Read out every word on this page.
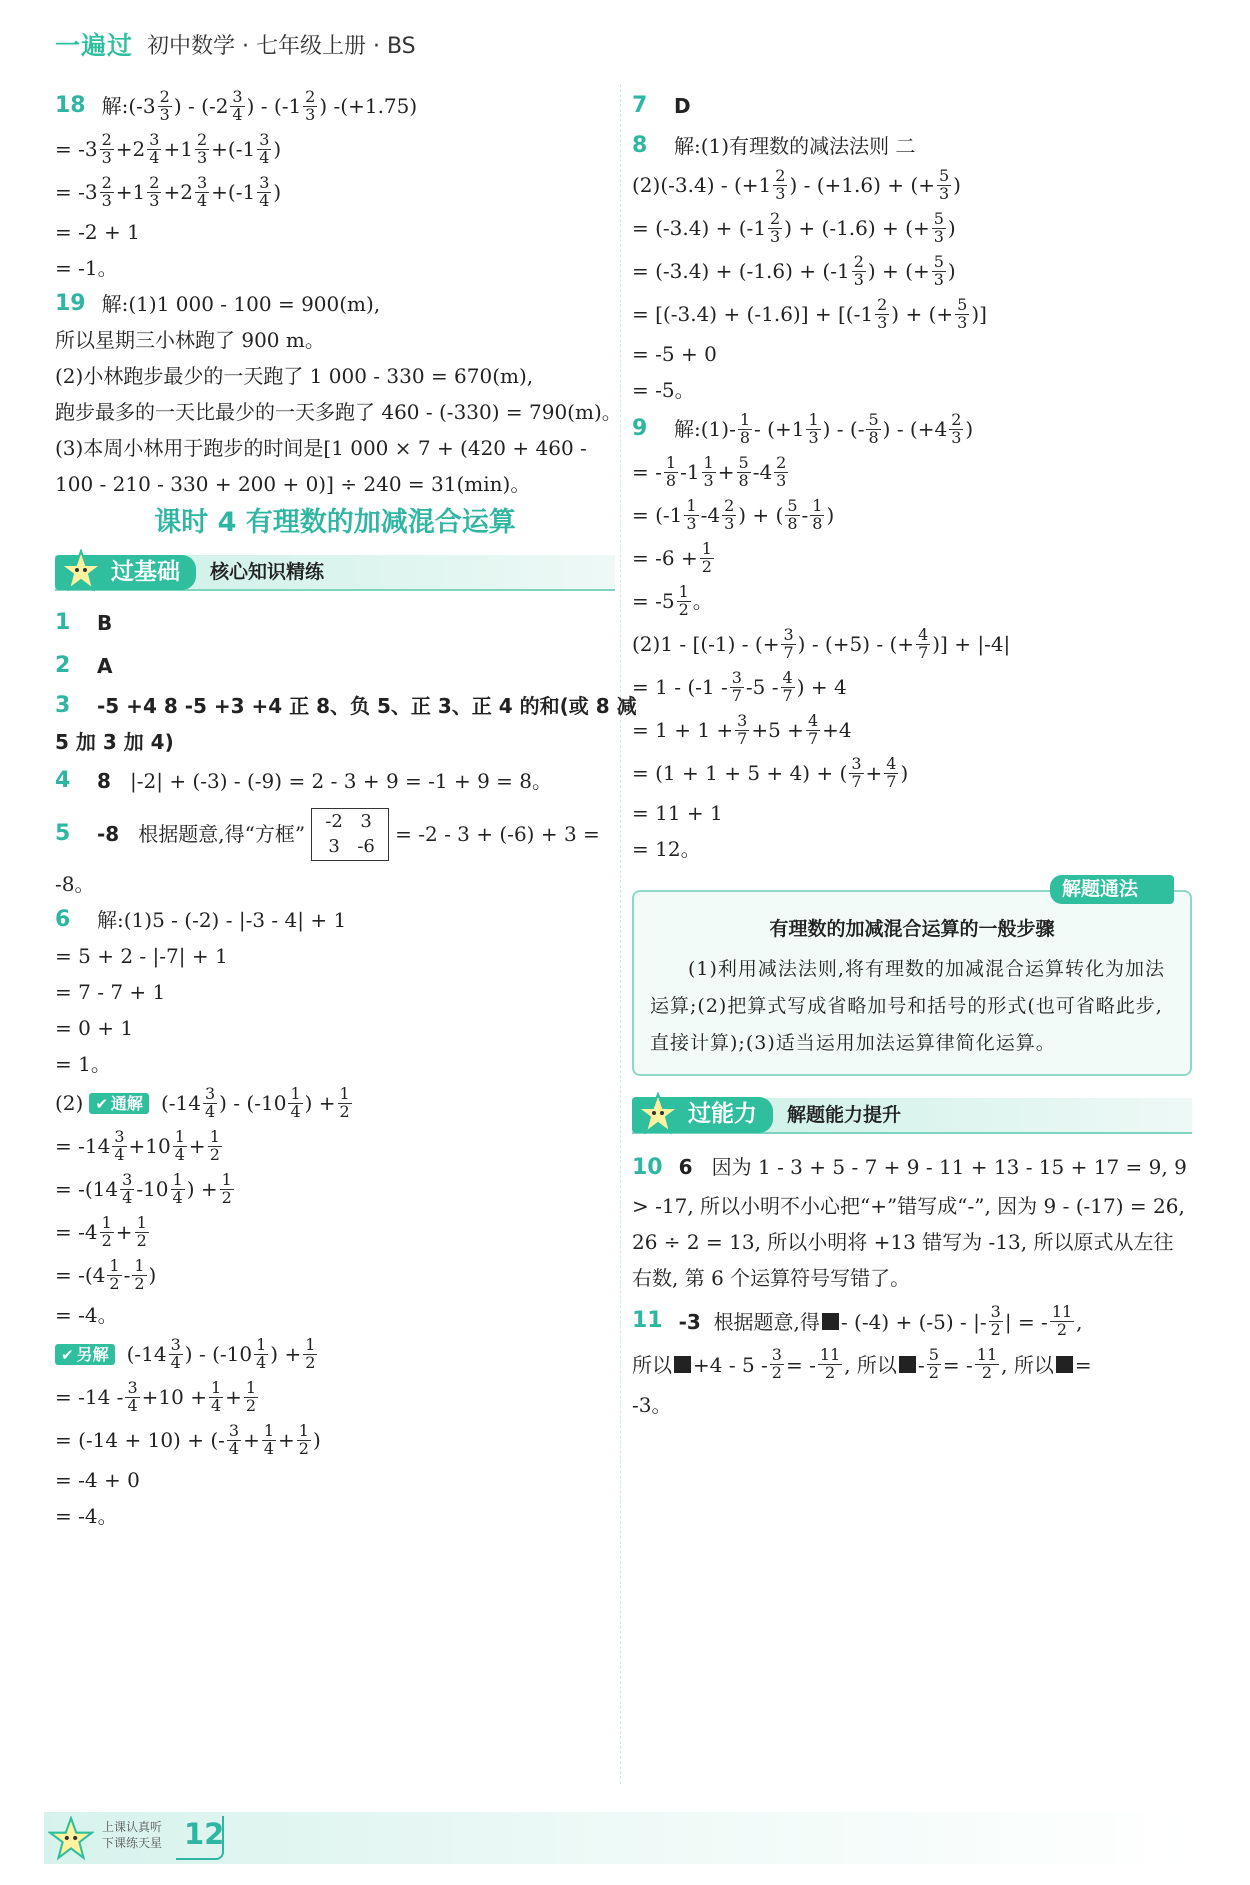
一遍过 初中数学 · 七年级上册 · BS
18 解: ($-3 \frac{2}{3}$ ) - ($-2 \frac{3}{4}$ ) - ($-1 \frac{2}{3}$ ) -(+1.75)
= $-3 \frac{2}{3} +2 \frac{3}{4} +1 \frac{2}{3} +(-1 \frac{3}{4}$ )
= $-3 \frac{2}{3} +1 \frac{2}{3} +2 \frac{3}{4} +(-1 \frac{3}{4}$ )
= -2 + 1
= -1。
19 解:(1)1 000 - 100 = 900(m),
所以星期三小林跑了 900 m。
(2)小林跑步最少的一天跑了 1 000 - 330 = 670(m),
跑步最多的一天比最少的一天多跑了 460 - (-330) = 790(m)。
(3)本周小林用于跑步的时间是[1 000 × 7 + (420 + 460 -
100 - 210 - 330 + 200 + 0)] ÷ 240 = 31(min)。
课时 4 有理数的加减混合运算
过基础	核心知识精练
1	B
2	A
3	-5 +4 8 -5 +3 +4 正 8、负 5、正 3、正 4 的和(或 8 减
5 加 3 加 4)
4	8
|-2| + (-3) - (-9) = 2 - 3 + 9 = -1 + 9 = 8。
5	-8
根据题意,得“方框”
-2 3
3 -6
= -2 - 3 + (-6) + 3 =
-8。
6	解:(1)5 - (-2) - |-3 - 4| + 1
= 5 + 2 - |-7| + 1
= 7 - 7 + 1
= 0 + 1
= 1。
(2) ✔ 通解 ($-14 \frac{3}{4}$ ) - ($-10 \frac{1}{4}$ ) + $\frac{1}{2}$
= $-14 \frac{3}{4} +10 \frac{1}{4} + \frac{1}{2}$
= $-(14 \frac{3}{4} -10 \frac{1}{4}$ ) + $\frac{1}{2}$
= $-4 \frac{1}{2} + \frac{1}{2}$
= $-(4 \frac{1}{2} - \frac{1}{2}$ )
= -4。
✔ 另解 ($-14 \frac{3}{4}$ ) - ($-10 \frac{1}{4}$ ) + $\frac{1}{2}$
= $-14 - \frac{3}{4} +10 + \frac{1}{4} + \frac{1}{2}$
= (-14 + 10) + (- $\frac{3}{4} + \frac{1}{4} + \frac{1}{2}$ )
= -4 + 0
= -4。
7	D
8	解:(1)有理数的减法法则 二
(2) $(-3.4) - (+1 \frac{2}{3}$ ) - (+1.6) + (+ $\frac{5}{3}$ )
= $(-3.4) + (-1 \frac{2}{3}$ ) + (-1.6) + (+ $\frac{5}{3}$ )
= $(-3.4) + (-1.6) + (-1 \frac{2}{3}$ ) + (+ $\frac{5}{3}$ )
= $[(-3.4) + (-1.6)] + [(-1 \frac{2}{3}$ ) + (+ $\frac{5}{3}$ )]
= -5 + 0
= -5。
9	解:(1) - $\frac{1}{8} - (+1 \frac{1}{3}$ ) - (- $\frac{5}{8}$ ) - ($+4 \frac{2}{3}$ )
= - $\frac{1}{8} -1 \frac{1}{3} + \frac{5}{8} -4 \frac{2}{3}$
= ($-1 \frac{1}{3} -4 \frac{2}{3}$ ) + ( $\frac{5}{8} - \frac{1}{8}$ )
= $-6 + \frac{1}{2}$
= $-5 \frac{1}{2}$ 。
(2) 1 - [(-1) - (+ $\frac{3}{7}$ ) - (+5) - (+ $\frac{4}{7}$ )] + |-4|
= $1 - (-1 - \frac{3}{7} -5 - \frac{4}{7}$ ) + 4
= $1 + 1 + \frac{3}{7} +5 + \frac{4}{7} +4$
= (1 + 1 + 5 + 4) + ( $\frac{3}{7} + \frac{4}{7}$ )
= 11 + 1
= 12。
解题通法
有理数的加减混合运算的一般步骤
(1)利用减法法则,将有理数的加减混合运算转化为加法运算;(2)把算式写成省略加号和括号的形式(也可省略此步,直接计算);(3)适当运用加法运算律简化运算。
过能力	解题能力提升
10 6 因为 1 - 3 + 5 - 7 + 9 - 11 + 13 - 15 + 17 = 9, 9 > -17, 所以小明不小心把“+”错写成“-”, 因为 9 - (-17) = 26, 26 ÷ 2 = 13, 所以小明将 +13 错写为 -13, 所以原式从左往右数, 第 6 个运算符号写错了。
11 -3
根据题意,得 - (-4) + (-5) - |- $\frac{3}{2}$ | = - $\frac{11}{2}$ ,
所以 $+4 - 5 - \frac{3}{2}$ = - $\frac{11}{2}$ , 所以 - $\frac{5}{2}$ = - $\frac{11}{2}$ , 所以 =
-3。
上课认真听
下课练天星 12
